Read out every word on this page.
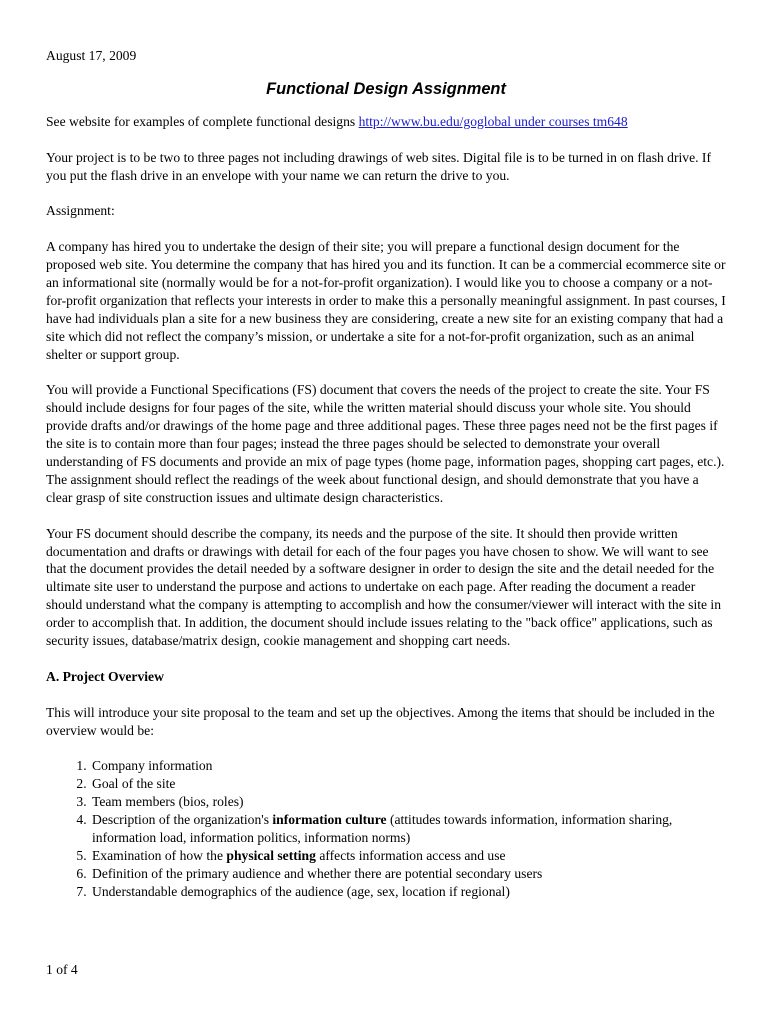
August 17, 2009

Functional Design Assignment

See website for examples of complete functional designs http://www.bu.edu/goglobal under courses tm648

Your project is to be two to three pages not including drawings of web sites. Digital file is to be turned in on flash drive. If you put the flash drive in an envelope with your name we can return the drive to you.

Assignment:

A company has hired you to undertake the design of their site; you will prepare a functional design document for the proposed web site. You determine the company that has hired you and its function. It can be a commercial ecommerce site or an informational site (normally would be for a not-for-profit organization). I would like you to choose a company or a not-for-profit organization that reflects your interests in order to make this a personally meaningful assignment. In past courses, I have had individuals plan a site for a new business they are considering, create a new site for an existing company that had a site which did not reflect the company’s mission, or undertake a site for a not-for-profit organization, such as an animal shelter or support group.

You will provide a Functional Specifications (FS) document that covers the needs of the project to create the site. Your FS should include designs for four pages of the site, while the written material should discuss your whole site. You should provide drafts and/or drawings of the home page and three additional pages. These three pages need not be the first pages if the site is to contain more than four pages; instead the three pages should be selected to demonstrate your overall understanding of FS documents and provide an mix of page types (home page, information pages, shopping cart pages, etc.). The assignment should reflect the readings of the week about functional design, and should demonstrate that you have a clear grasp of site construction issues and ultimate design characteristics.

Your FS document should describe the company, its needs and the purpose of the site. It should then provide written documentation and drafts or drawings with detail for each of the four pages you have chosen to show. We will want to see that the document provides the detail needed by a software designer in order to design the site and the detail needed for the ultimate site user to understand the purpose and actions to undertake on each page. After reading the document a reader should understand what the company is attempting to accomplish and how the consumer/viewer will interact with the site in order to accomplish that. In addition, the document should include issues relating to the "back office" applications, such as security issues, database/matrix design, cookie management and shopping cart needs.

A. Project Overview

This will introduce your site proposal to the team and set up the objectives. Among the items that should be included in the overview would be:

1. Company information
2. Goal of the site
3. Team members (bios, roles)
4. Description of the organization's information culture (attitudes towards information, information sharing, information load, information politics, information norms)
5. Examination of how the physical setting affects information access and use
6. Definition of the primary audience and whether there are potential secondary users
7. Understandable demographics of the audience (age, sex, location if regional)
1 of 4
